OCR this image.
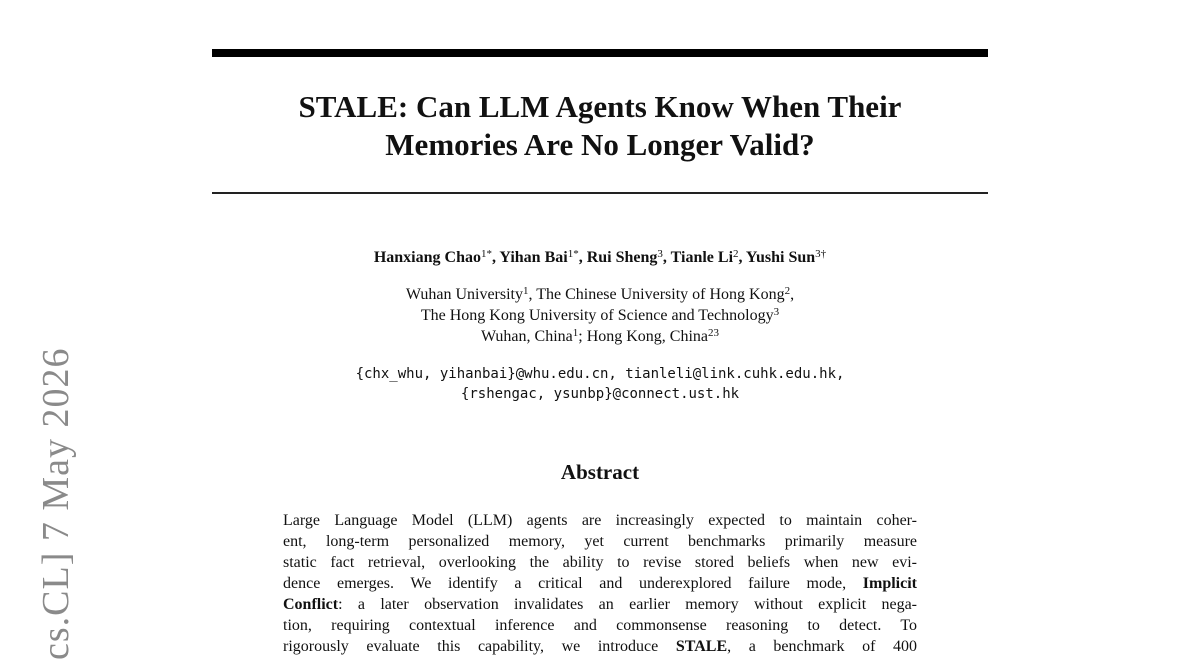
cs.CL] 7 May 2026
STALE: Can LLM Agents Know When Their
Memories Are No Longer Valid?
Hanxiang Chao$^{1*}$, Yihan Bai$^{1*}$, Rui Sheng$^3$, Tianle Li$^2$, Yushi Sun$^{3\dagger}$
Wuhan University$^1$, The Chinese University of Hong Kong$^2$,
The Hong Kong University of Science and Technology$^3$
Wuhan, China$^1$; Hong Kong, China$^{23}$
{chx_whu, yihanbai}@whu.edu.cn, tianleli@link.cuhk.edu.hk,
{rshengac, ysunbp}@connect.ust.hk
Abstract
Large Language Model (LLM) agents are increasingly expected to maintain coher-
ent, long-term personalized memory, yet current benchmarks primarily measure
static fact retrieval, overlooking the ability to revise stored beliefs when new evi-
dence emerges. We identify a critical and underexplored failure mode, Implicit
Conflict: a later observation invalidates an earlier memory without explicit nega-
tion, requiring contextual inference and commonsense reasoning to detect. To
rigorously evaluate this capability, we introduce STALE, a benchmark of 400
